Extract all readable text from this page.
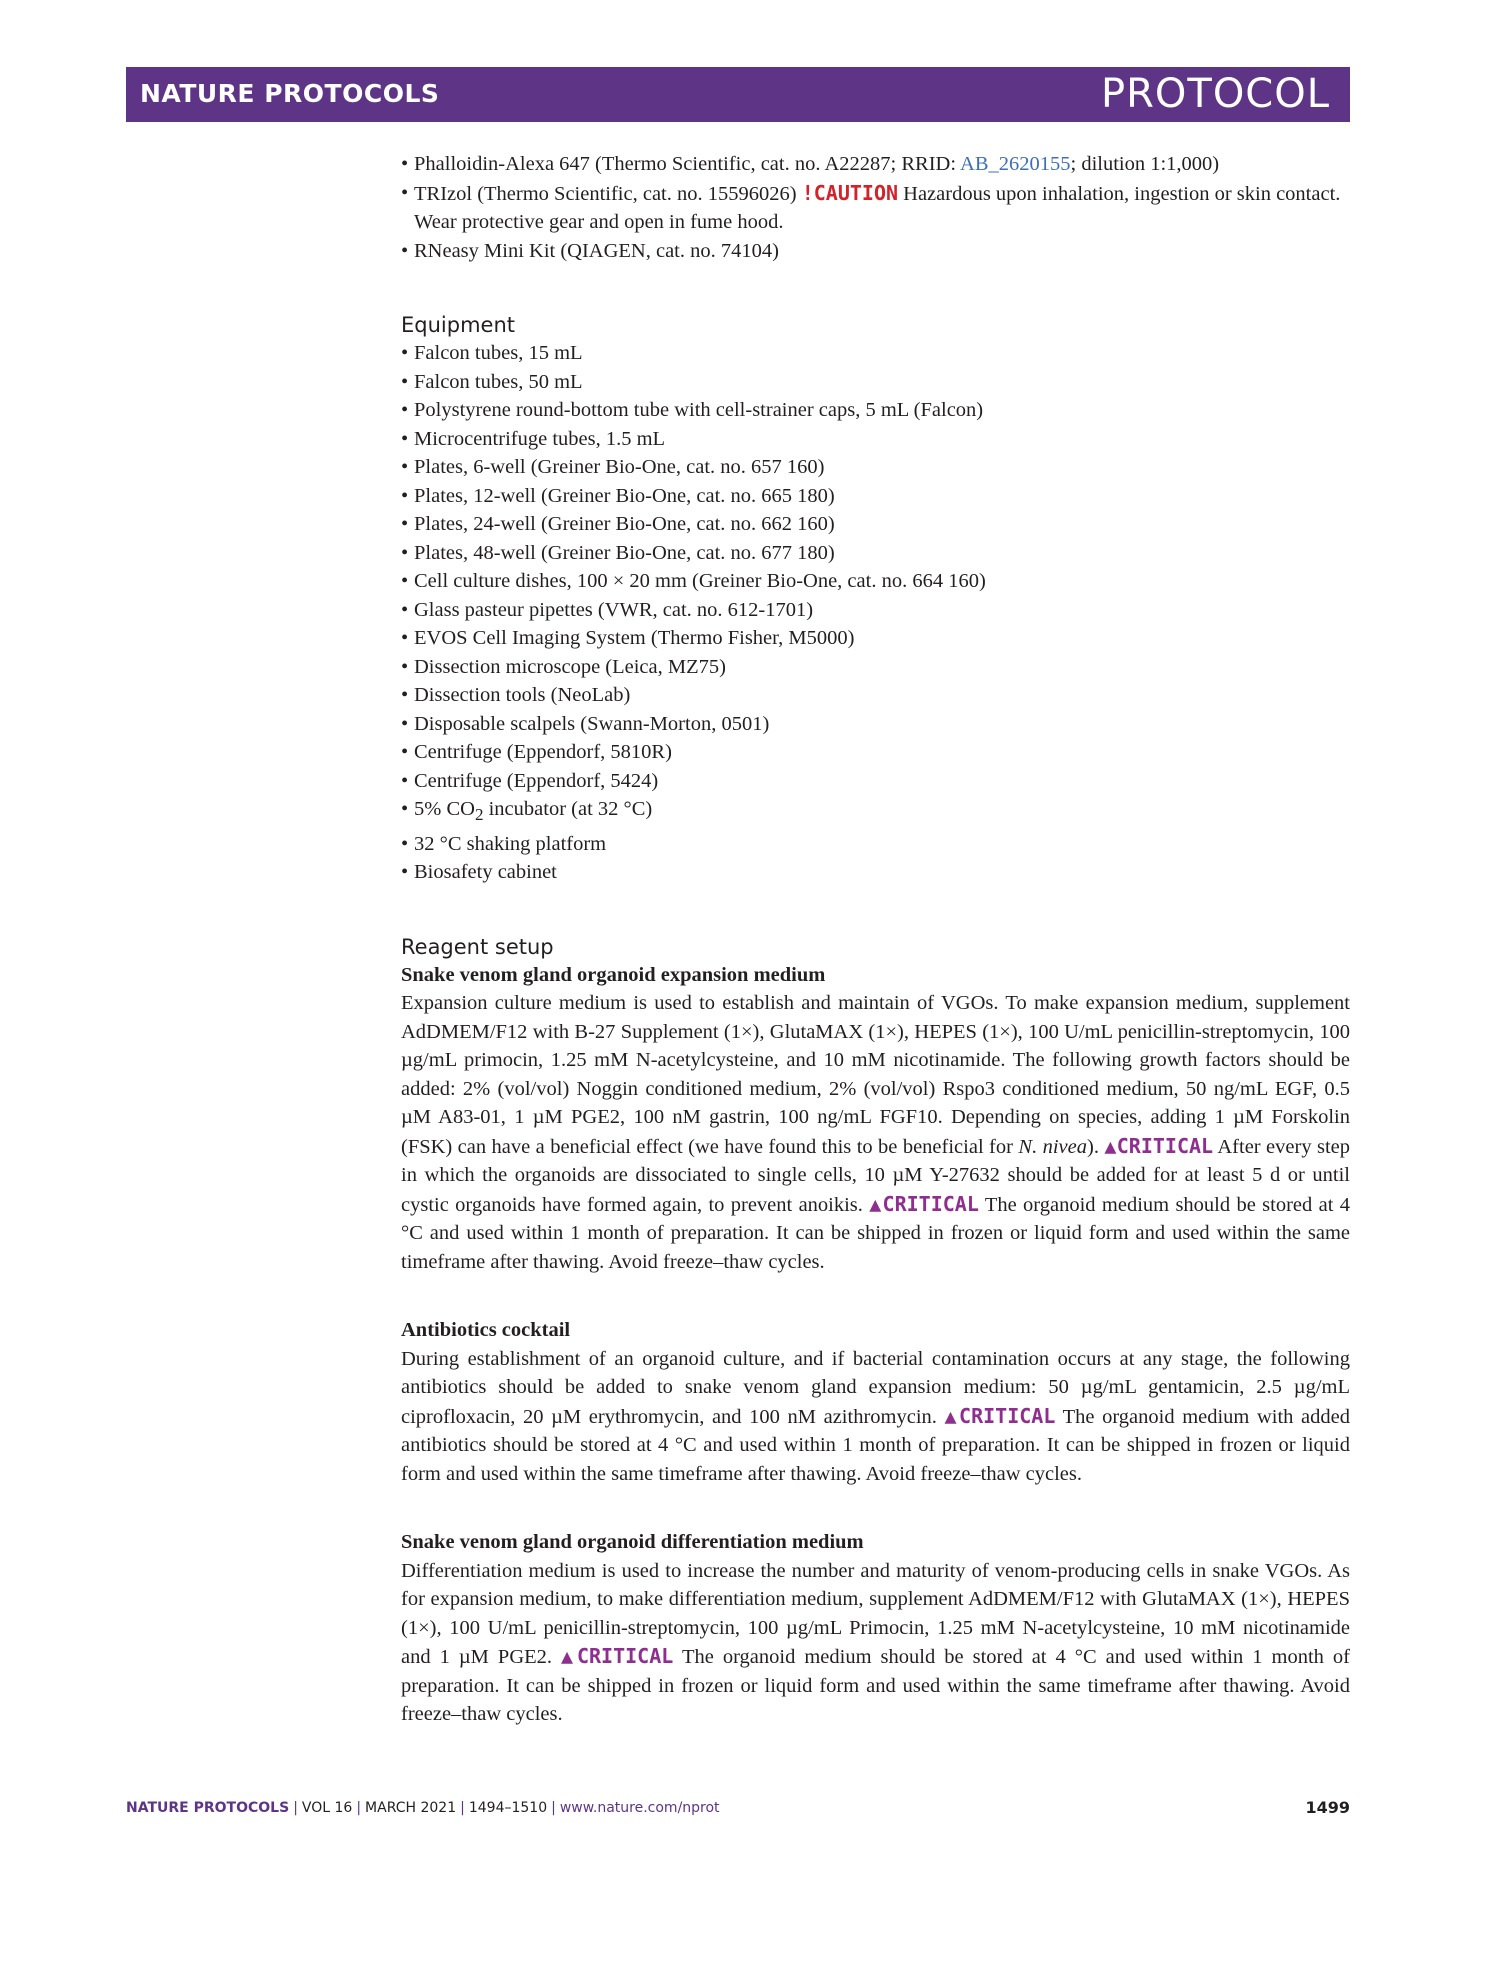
NATURE PROTOCOLS	PROTOCOL
• Phalloidin-Alexa 647 (Thermo Scientific, cat. no. A22287; RRID: AB_2620155; dilution 1:1,000)
• TRIzol (Thermo Scientific, cat. no. 15596026) !CAUTION Hazardous upon inhalation, ingestion or skin contact. Wear protective gear and open in fume hood.
• RNeasy Mini Kit (QIAGEN, cat. no. 74104)
Equipment
• Falcon tubes, 15 mL
• Falcon tubes, 50 mL
• Polystyrene round-bottom tube with cell-strainer caps, 5 mL (Falcon)
• Microcentrifuge tubes, 1.5 mL
• Plates, 6-well (Greiner Bio-One, cat. no. 657 160)
• Plates, 12-well (Greiner Bio-One, cat. no. 665 180)
• Plates, 24-well (Greiner Bio-One, cat. no. 662 160)
• Plates, 48-well (Greiner Bio-One, cat. no. 677 180)
• Cell culture dishes, 100 × 20 mm (Greiner Bio-One, cat. no. 664 160)
• Glass pasteur pipettes (VWR, cat. no. 612-1701)
• EVOS Cell Imaging System (Thermo Fisher, M5000)
• Dissection microscope (Leica, MZ75)
• Dissection tools (NeoLab)
• Disposable scalpels (Swann-Morton, 0501)
• Centrifuge (Eppendorf, 5810R)
• Centrifuge (Eppendorf, 5424)
• 5% $CO_2$ incubator (at 32 °C)
• 32 °C shaking platform
• Biosafety cabinet
Reagent setup
Snake venom gland organoid expansion medium

Expansion culture medium is used to establish and maintain of VGOs. To make expansion medium, supplement AdDMEM/F12 with B-27 Supplement (1×), GlutaMAX (1×), HEPES (1×), 100 U/mL penicillin-streptomycin, 100 µg/mL primocin, 1.25 mM N-acetylcysteine, and 10 mM nicotinamide. The following growth factors should be added: 2% (vol/vol) Noggin conditioned medium, 2% (vol/vol) Rspo3 conditioned medium, 50 ng/mL EGF, 0.5 µM A83-01, 1 µM PGE2, 100 nM gastrin, 100 ng/mL FGF10. Depending on species, adding 1 µM Forskolin (FSK) can have a beneficial effect (we have found this to be beneficial for N. nivea). ▲CRITICAL After every step in which the organoids are dissociated to single cells, 10 µM Y-27632 should be added for at least 5 d or until cystic organoids have formed again, to prevent anoikis. ▲CRITICAL The organoid medium should be stored at 4 °C and used within 1 month of preparation. It can be shipped in frozen or liquid form and used within the same timeframe after thawing. Avoid freeze–thaw cycles.

Antibiotics cocktail

During establishment of an organoid culture, and if bacterial contamination occurs at any stage, the following antibiotics should be added to snake venom gland expansion medium: 50 µg/mL gentamicin, 2.5 µg/mL ciprofloxacin, 20 µM erythromycin, and 100 nM azithromycin. ▲CRITICAL The organoid medium with added antibiotics should be stored at 4 °C and used within 1 month of preparation. It can be shipped in frozen or liquid form and used within the same timeframe after thawing. Avoid freeze–thaw cycles.

Snake venom gland organoid differentiation medium

Differentiation medium is used to increase the number and maturity of venom-producing cells in snake VGOs. As for expansion medium, to make differentiation medium, supplement AdDMEM/F12 with GlutaMAX (1×), HEPES (1×), 100 U/mL penicillin-streptomycin, 100 µg/mL Primocin, 1.25 mM N-acetylcysteine, 10 mM nicotinamide and 1 µM PGE2. ▲CRITICAL The organoid medium should be stored at 4 °C and used within 1 month of preparation. It can be shipped in frozen or liquid form and used within the same timeframe after thawing. Avoid freeze–thaw cycles.

NATURE PROTOCOLS | VOL 16 | MARCH 2021 | 1494–1510 | www.nature.com/nprot	1499
